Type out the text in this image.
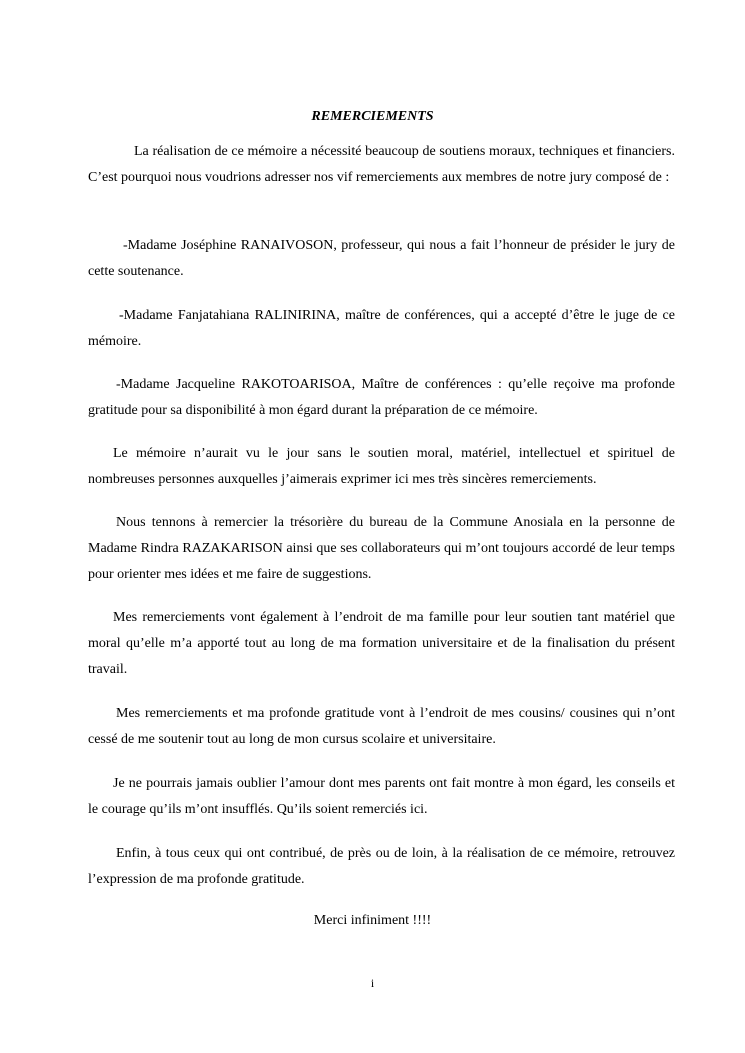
REMERCIEMENTS

La réalisation de ce mémoire a nécessité beaucoup de soutiens moraux, techniques et financiers. C’est pourquoi nous voudrions adresser nos vif remerciements aux membres de notre jury composé de :

-Madame Joséphine RANAIVOSON, professeur, qui nous a fait l’honneur de présider le jury de cette soutenance.

-Madame Fanjatahiana RALINIRINA, maître de conférences, qui a accepté d’être le juge de ce mémoire.

-Madame Jacqueline RAKOTOARISOA, Maître de conférences : qu’elle reçoive ma profonde gratitude pour sa disponibilité à mon égard durant la préparation de ce mémoire.

Le mémoire n’aurait vu le jour sans le soutien moral, matériel, intellectuel et spirituel de nombreuses personnes auxquelles j’aimerais exprimer ici mes très sincères remerciements.

Nous tennons à remercier la trésorière du bureau de la Commune Anosiala en la personne de Madame Rindra RAZAKARISON ainsi que ses collaborateurs qui m’ont toujours accordé de leur temps pour orienter mes idées et me faire de suggestions.

Mes remerciements vont également à l’endroit de ma famille pour leur soutien tant matériel que moral qu’elle m’a apporté tout au long de ma formation universitaire et de la finalisation du présent travail.

Mes remerciements et ma profonde gratitude vont à l’endroit de mes cousins/ cousines qui n’ont cessé de me soutenir tout au long de mon cursus scolaire et universitaire.

Je ne pourrais jamais oublier l’amour dont mes parents ont fait montre à mon égard, les conseils et le courage qu’ils m’ont insufflés. Qu’ils soient remerciés ici.

Enfin, à tous ceux qui ont contribué, de près ou de loin, à la réalisation de ce mémoire, retrouvez l’expression de ma profonde gratitude.

Merci infiniment !!!!

i
